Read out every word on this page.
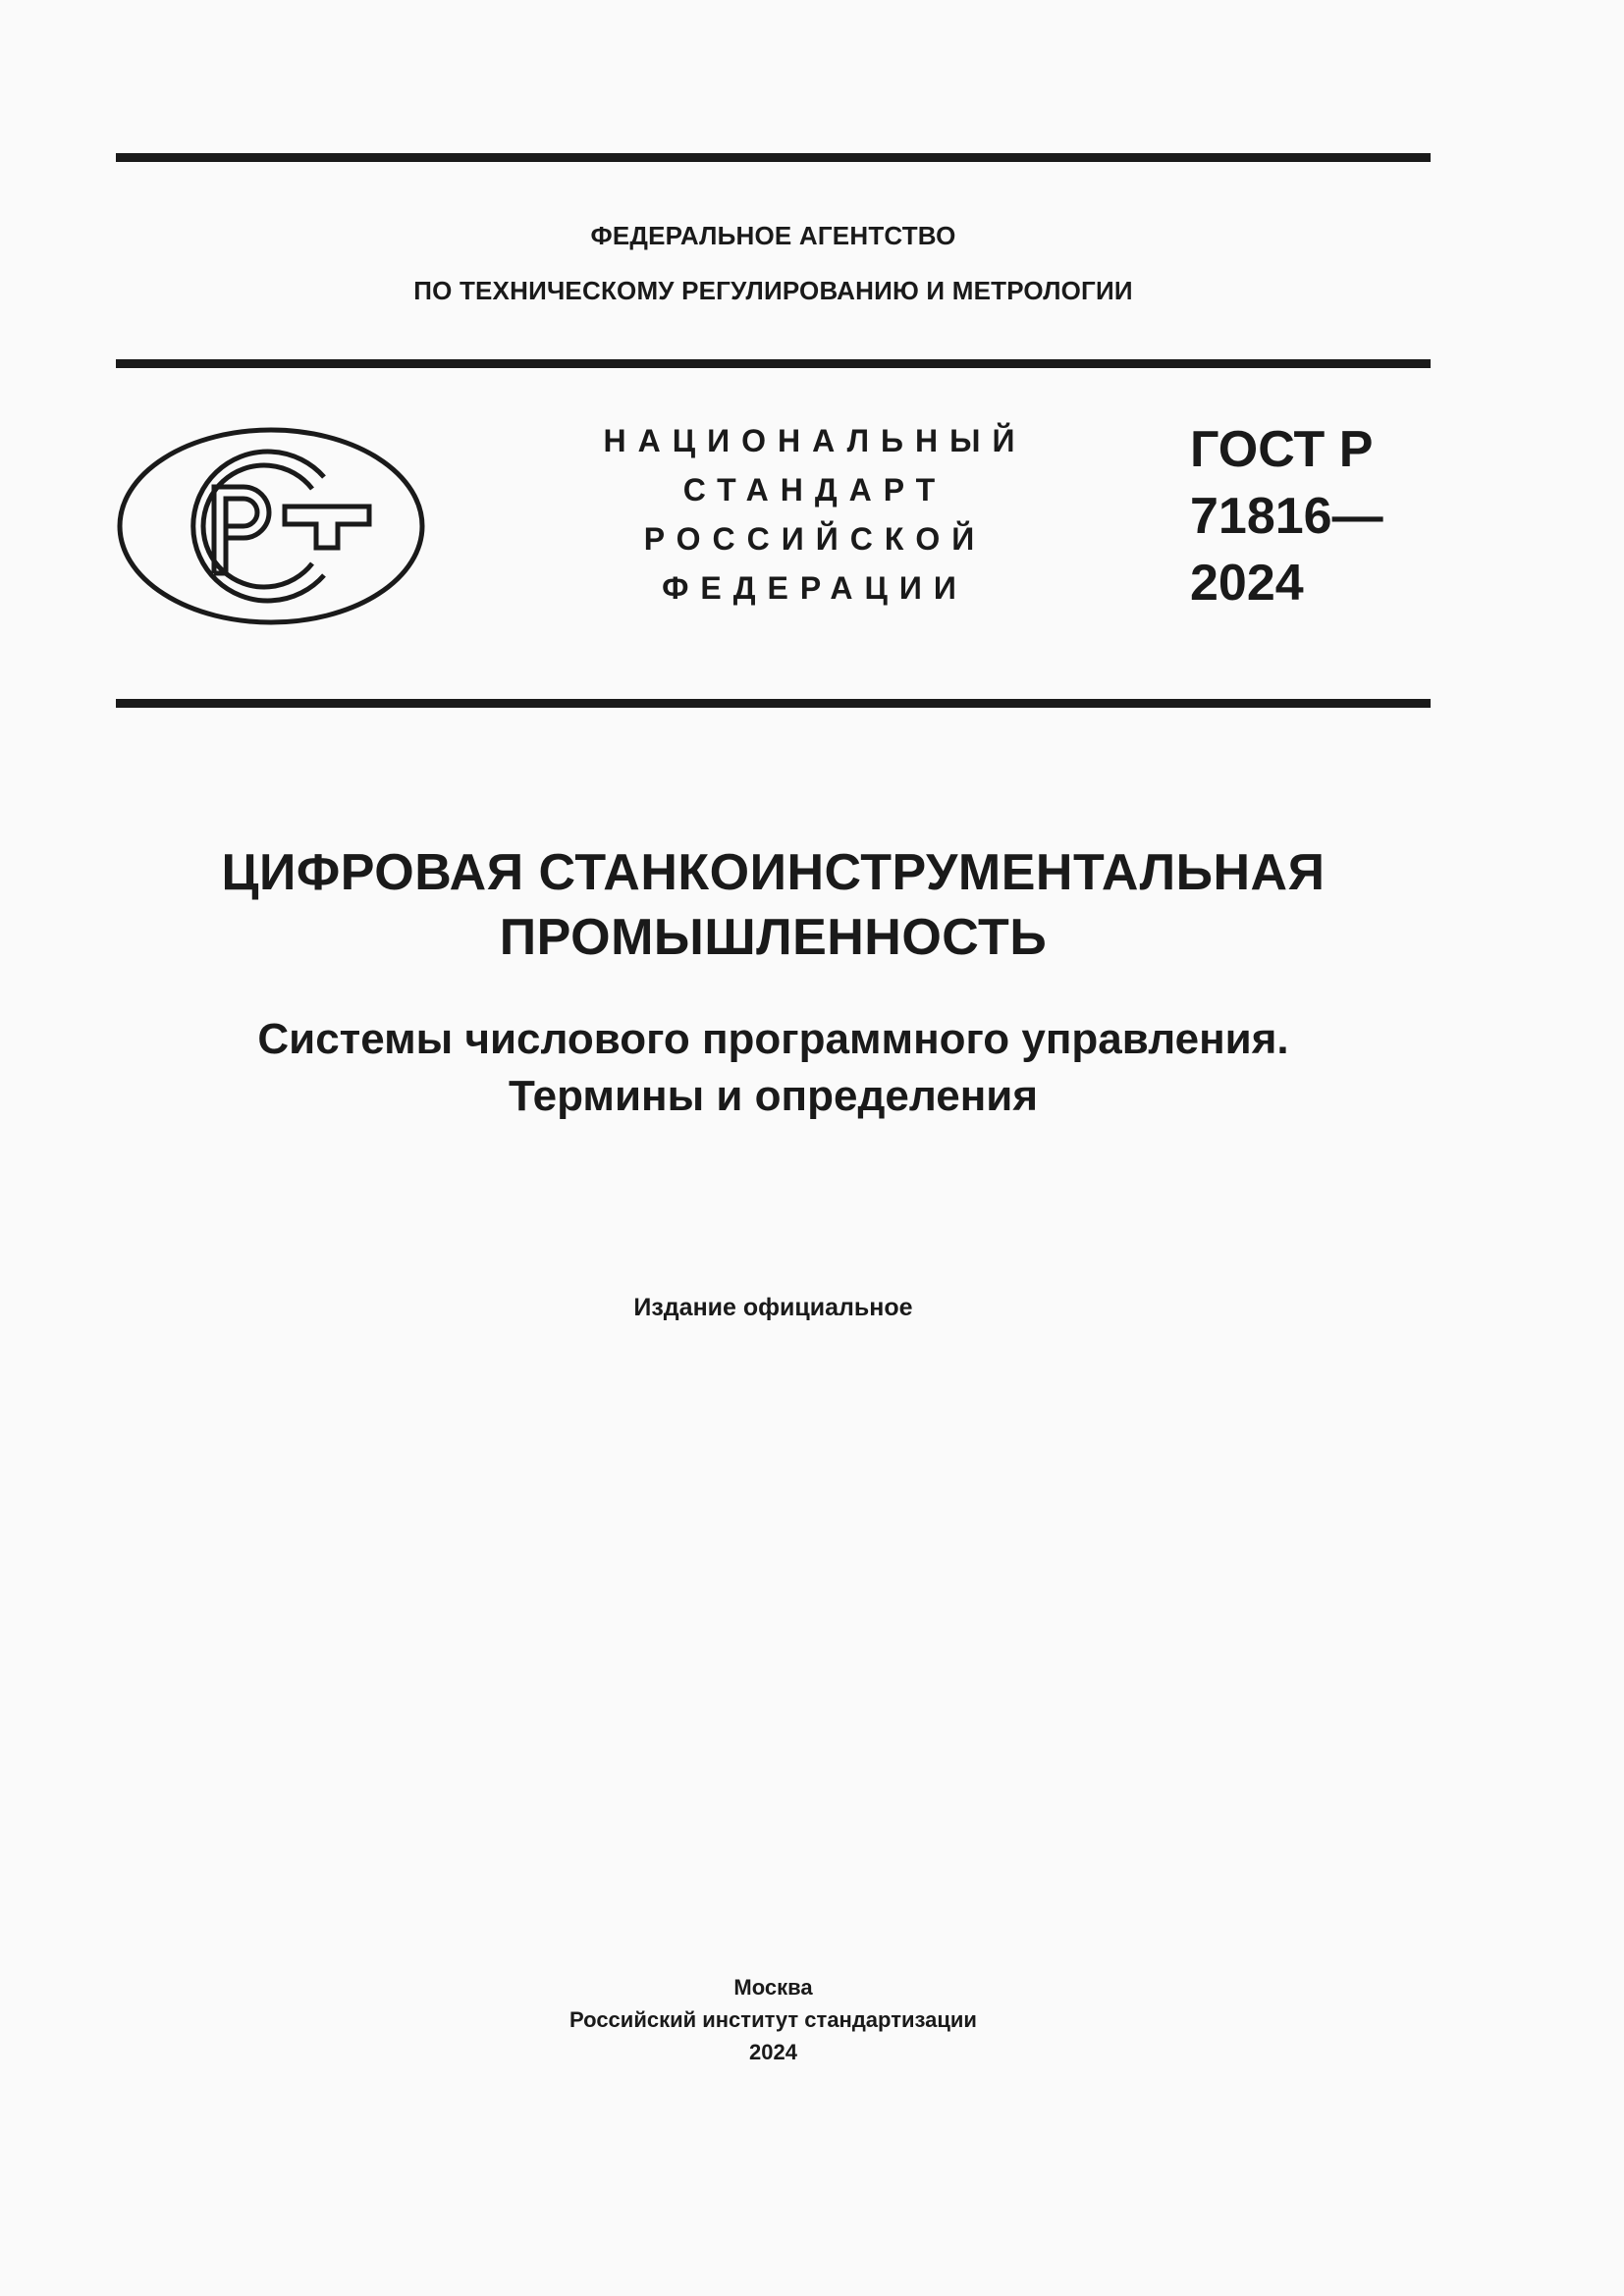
ФЕДЕРАЛЬНОЕ АГЕНТСТВО
ПО ТЕХНИЧЕСКОМУ РЕГУЛИРОВАНИЮ И МЕТРОЛОГИИ
НАЦИОНАЛЬНЫЙ
СТАНДАРТ
РОССИЙСКОЙ
ФЕДЕРАЦИИ
ГОСТ Р
71816—
2024
ЦИФРОВАЯ СТАНКОИНСТРУМЕНТАЛЬНАЯ
ПРОМЫШЛЕННОСТЬ
Системы числового программного управления.
Термины и определения
Издание официальное
Москва
Российский институт стандартизации
2024
